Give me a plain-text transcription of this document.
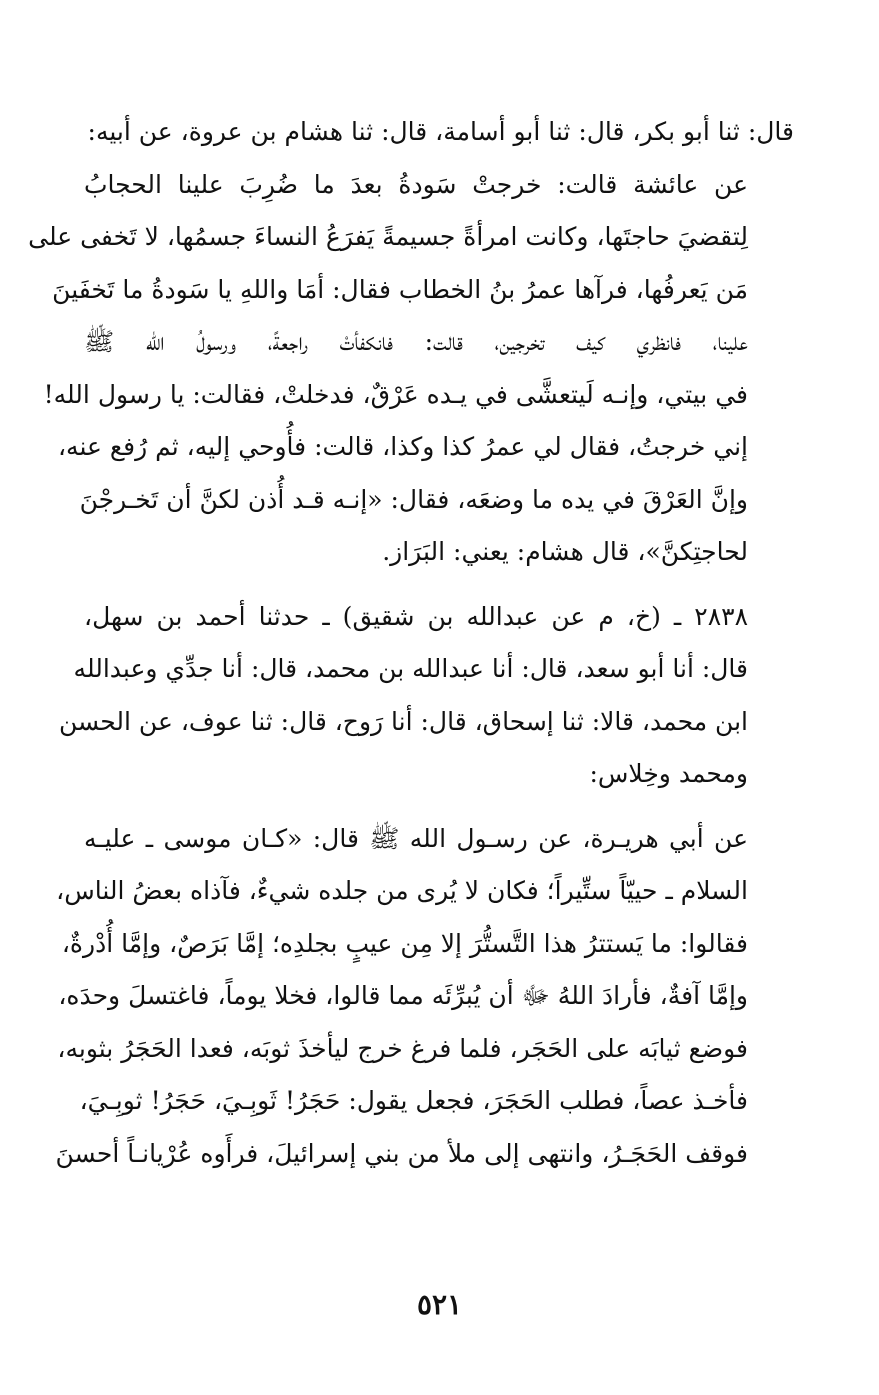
قال: ثنا أبو بكر، قال: ثنا أبو أسامة، قال: ثنا هشام بن عروة، عن أبيه:

عن عائشة قالت: خرجتْ سَودةُ بعدَ ما ضُرِبَ علينا الحجابُ
لِتقضيَ حاجتَها، وكانت امرأةً جسيمةً يَفرَعُ النساءَ جسمُها، لا تَخفى على
مَن يَعرفُها، فرآها عمرُ بنُ الخطاب فقال: أمَا واللهِ يا سَودةُ ما تَخفَينَ
علينا، فانظري كيف تخرجين، قالت: فانكفأتْ راجعةً، ورسولُ الله ﷺ
في بيتي، وإنـه لَيتعشَّى في يـده عَرْقٌ، فدخلتْ، فقالت: يا رسول الله!
إني خرجتُ، فقال لي عمرُ كذا وكذا، قالت: فأُوحي إليه، ثم رُفع عنه،
وإنَّ العَرْقَ في يده ما وضعَه، فقال: «إنـه قـد أُذن لكنَّ أن تَخـرجْنَ
لحاجتِكنَّ»، قال هشام: يعني: البَرَاز.

٢٨٣٨ ـ (خ، م عن عبدالله بن شقيق) ـ حدثنا أحمد بن سهل،
قال: أنا أبو سعد، قال: أنا عبدالله بن محمد، قال: أنا جدِّي وعبدالله
ابن محمد، قالا: ثنا إسحاق، قال: أنا رَوح، قال: ثنا عوف، عن الحسن
ومحمد وخِلاس:

عن أبي هريـرة، عن رسـول الله ﷺ قال: «كـان موسى ـ عليـه
السلام ـ حييّاً ستِّيراً؛ فكان لا يُرى من جلده شيءٌ، فآذاه بعضُ الناس،
فقالوا: ما يَستترُ هذا التَّستُّرَ إلا مِن عيبٍ بجلدِه؛ إمَّا بَرَصٌ، وإمَّا أُدْرةٌ،
وإمَّا آفةٌ، فأرادَ اللهُ ﷻ أن يُبرِّئَه مما قالوا، فخلا يوماً، فاغتسلَ وحدَه،
فوضع ثيابَه على الحَجَر، فلما فرغ خرج ليأخذَ ثوبَه، فعدا الحَجَرُ بثوبه،
فأخـذ عصاً، فطلب الحَجَرَ، فجعل يقول: حَجَرُ! ثَوبِـيَ، حَجَرُ! ثوبِـيَ،
فوقف الحَجَـرُ، وانتهى إلى ملأ من بني إسرائيلَ، فرأَوه عُرْيانـاً أحسنَ

٥٢١
